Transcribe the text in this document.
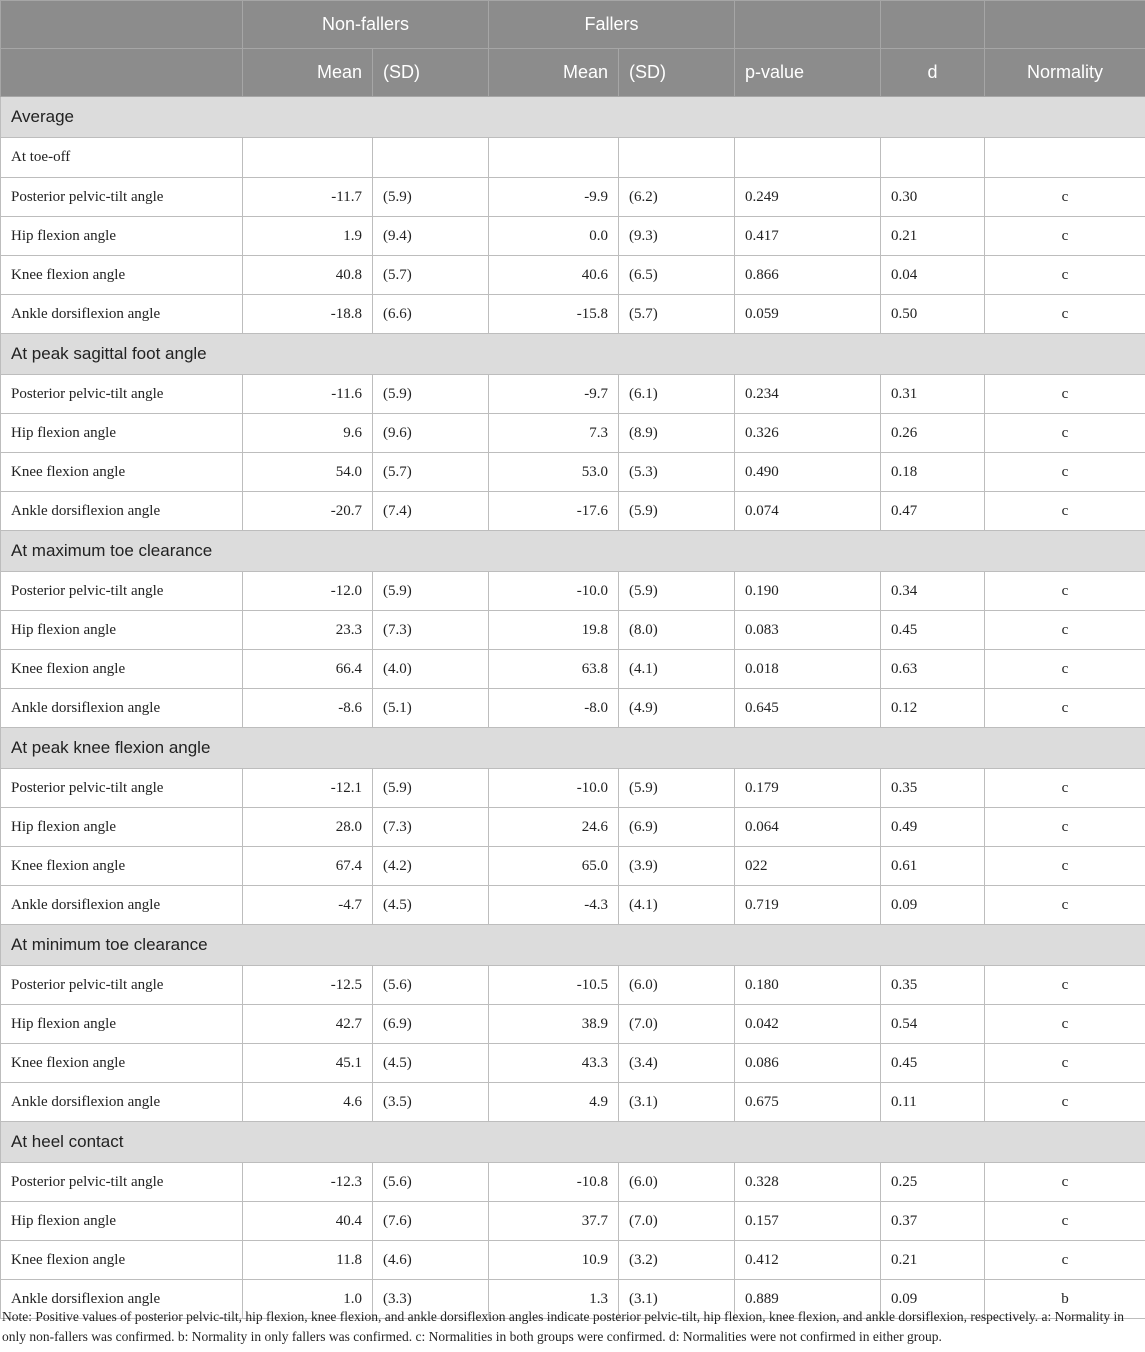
	Non-fallers		Fallers				
	Mean	(SD)	Mean	(SD)	p-value	d	Normality
Average							
At toe-off							
Posterior pelvic-tilt angle	-11.7	(5.9)	-9.9	(6.2)	0.249	0.30	c
Hip flexion angle	1.9	(9.4)	0.0	(9.3)	0.417	0.21	c
Knee flexion angle	40.8	(5.7)	40.6	(6.5)	0.866	0.04	c
Ankle dorsiflexion angle	-18.8	(6.6)	-15.8	(5.7)	0.059	0.50	c
At peak sagittal foot angle							
Posterior pelvic-tilt angle	-11.6	(5.9)	-9.7	(6.1)	0.234	0.31	c
Hip flexion angle	9.6	(9.6)	7.3	(8.9)	0.326	0.26	c
Knee flexion angle	54.0	(5.7)	53.0	(5.3)	0.490	0.18	c
Ankle dorsiflexion angle	-20.7	(7.4)	-17.6	(5.9)	0.074	0.47	c
At maximum toe clearance							
Posterior pelvic-tilt angle	-12.0	(5.9)	-10.0	(5.9)	0.190	0.34	c
Hip flexion angle	23.3	(7.3)	19.8	(8.0)	0.083	0.45	c
Knee flexion angle	66.4	(4.0)	63.8	(4.1)	0.018	0.63	c
Ankle dorsiflexion angle	-8.6	(5.1)	-8.0	(4.9)	0.645	0.12	c
At peak knee flexion angle							
Posterior pelvic-tilt angle	-12.1	(5.9)	-10.0	(5.9)	0.179	0.35	c
Hip flexion angle	28.0	(7.3)	24.6	(6.9)	0.064	0.49	c
Knee flexion angle	67.4	(4.2)	65.0	(3.9)	022	0.61	c
Ankle dorsiflexion angle	-4.7	(4.5)	-4.3	(4.1)	0.719	0.09	c
At minimum toe clearance							
Posterior pelvic-tilt angle	-12.5	(5.6)	-10.5	(6.0)	0.180	0.35	c
Hip flexion angle	42.7	(6.9)	38.9	(7.0)	0.042	0.54	c
Knee flexion angle	45.1	(4.5)	43.3	(3.4)	0.086	0.45	c
Ankle dorsiflexion angle	4.6	(3.5)	4.9	(3.1)	0.675	0.11	c
At heel contact							
Posterior pelvic-tilt angle	-12.3	(5.6)	-10.8	(6.0)	0.328	0.25	c
Hip flexion angle	40.4	(7.6)	37.7	(7.0)	0.157	0.37	c
Knee flexion angle	11.8	(4.6)	10.9	(3.2)	0.412	0.21	c
Ankle dorsiflexion angle	1.0	(3.3)	1.3	(3.1)	0.889	0.09	b

Note: Positive values of posterior pelvic-tilt, hip flexion, knee flexion, and ankle dorsiflexion angles indicate posterior pelvic-tilt, hip flexion, knee flexion, and ankle dorsiflexion, respectively. a: Normality in only non-fallers was confirmed. b: Normality in only fallers was confirmed. c: Normalities in both groups were confirmed. d: Normalities were not confirmed in either group.
